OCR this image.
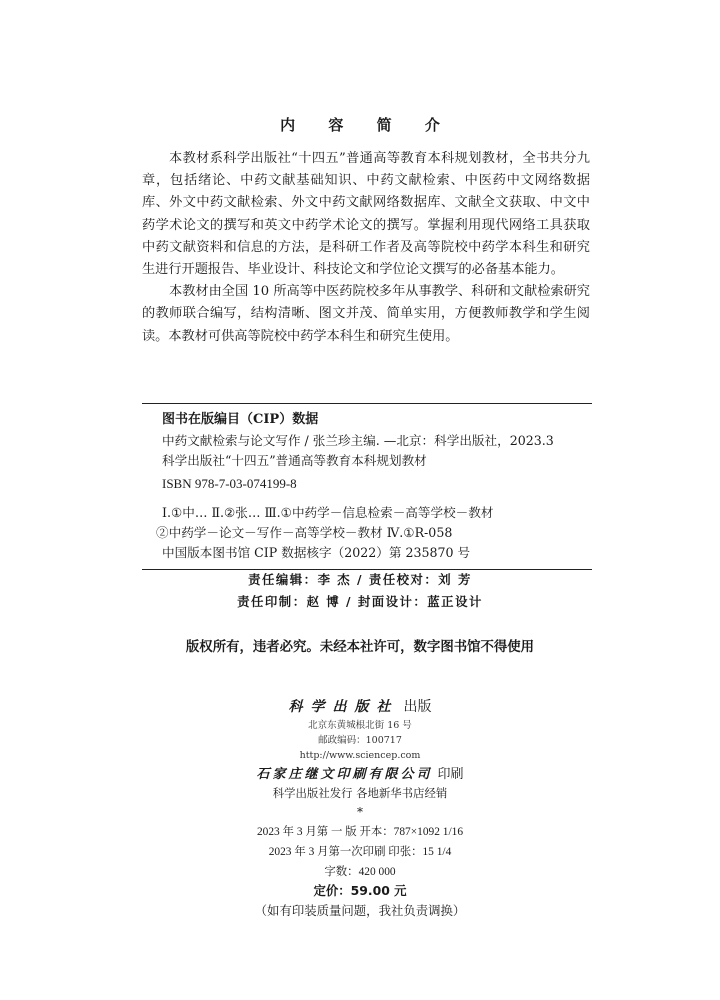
内 容 简 介

本教材系科学出版社“十四五”普通高等教育本科规划教材，全书共分九章，包括绪论、中药文献基础知识、中药文献检索、中医药中文网络数据库、外文中药文献检索、外文中药文献网络数据库、文献全文获取、中文中药学术论文的撰写和英文中药学术论文的撰写。掌握利用现代网络工具获取中药文献资料和信息的方法，是科研工作者及高等院校中药学本科生和研究生进行开题报告、毕业设计、科技论文和学位论文撰写的必备基本能力。

本教材由全国 10 所高等中医药院校多年从事教学、科研和文献检索研究的教师联合编写，结构清晰、图文并茂、简单实用，方便教师教学和学生阅读。本教材可供高等院校中药学本科生和研究生使用。

图书在版编目（CIP）数据
中药文献检索与论文写作 / 张兰珍主编. —北京：科学出版社，2023.3
科学出版社“十四五”普通高等教育本科规划教材
ISBN 978-7-03-074199-8
Ⅰ.①中… Ⅱ.②张… Ⅲ.①中药学－信息检索－高等学校－教材
②中药学－论文－写作－高等学校－教材 Ⅳ.①R-058
中国版本图书馆 CIP 数据核字（2022）第 235870 号
责任编辑：李 杰 / 责任校对：刘 芳
责任印制：赵 博 / 封面设计：蓝正设计
版权所有，违者必究。未经本社许可，数字图书馆不得使用
科学出版社 出版
北京东黄城根北街 16 号
邮政编码：100717
http://www.sciencep.com
石家庄继文印刷有限公司 印刷
科学出版社发行 各地新华书店经销
*
2023 年 3 月第 一 版 开本：787×1092 1/16
2023 年 3 月第一次印刷 印张：15 1/4
字数：420 000
定价：59.00 元
（如有印装质量问题，我社负责调换）
